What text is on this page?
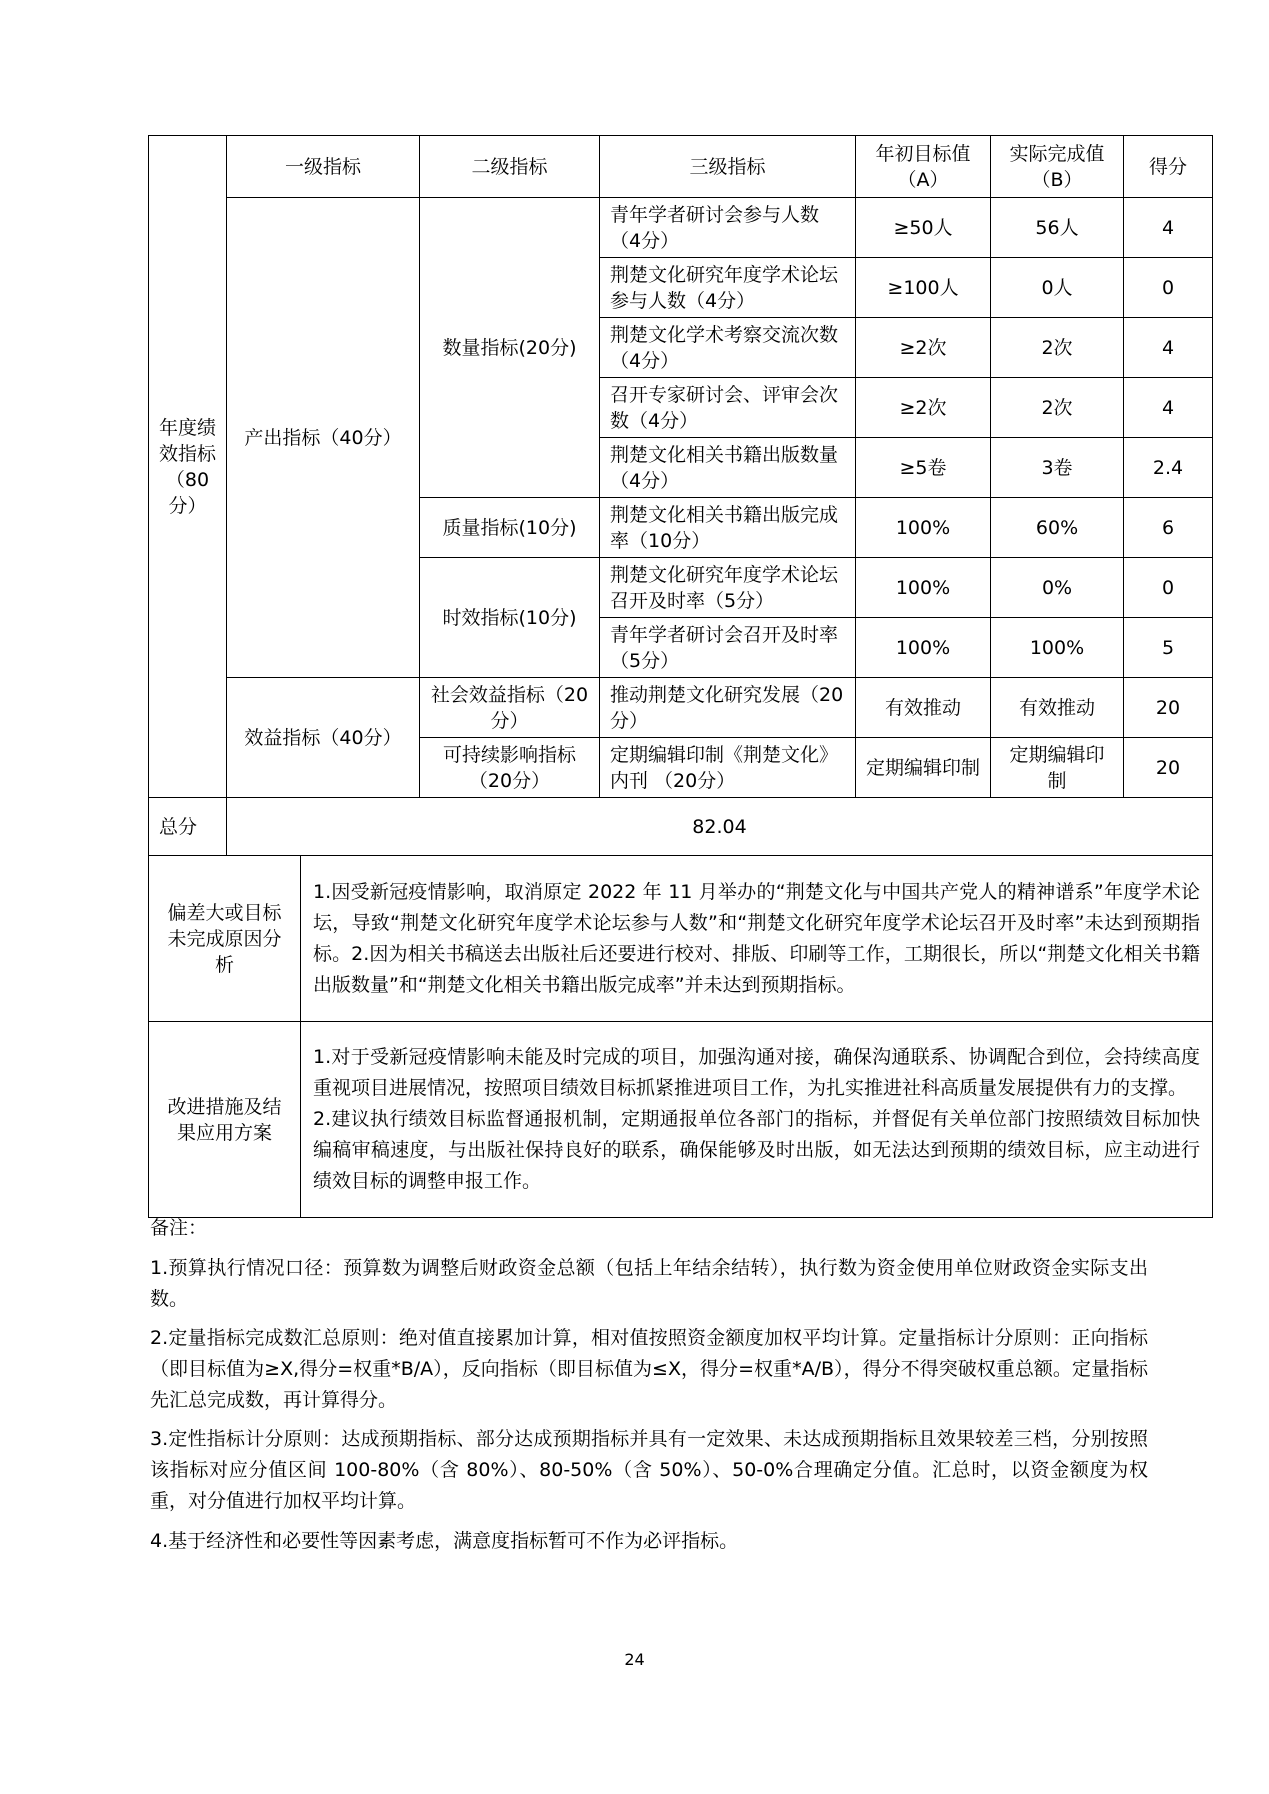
年度绩效指标（80分）	一级指标		二级指标	三级指标	年初目标值（A）	实际完成值（B）	得分
	产出指标（40分）		数量指标(20分)	青年学者研讨会参与人数（4分）	≥50人	56人	4
				荆楚文化研究年度学术论坛参与人数（4分）	≥100人	0人	0
				荆楚文化学术考察交流次数（4分）	≥2次	2次	4
				召开专家研讨会、评审会次数（4分）	≥2次	2次	4
				荆楚文化相关书籍出版数量（4分）	≥5卷	3卷	2.4
			质量指标(10分)	荆楚文化相关书籍出版完成率（10分）	100%	60%	6
			时效指标(10分)	荆楚文化研究年度学术论坛召开及时率（5分）	100%	0%	0
				青年学者研讨会召开及时率（5分）	100%	100%	5
	效益指标（40分）		社会效益指标（20分）	推动荆楚文化研究发展（20分）	有效推动	有效推动	20
			可持续影响指标（20分）	定期编辑印制《荆楚文化》内刊 （20分）	定期编辑印制	定期编辑印制	20

总分	82.04						
偏差大或目标未完成原因分析		1.因受新冠疫情影响，取消原定 2022 年 11 月举办的“荆楚文化与中国共产党人的精神谱系”年度学术论坛，导致“荆楚文化研究年度学术论坛参与人数”和“荆楚文化研究年度学术论坛召开及时率”未达到预期指标。2.因为相关书稿送去出版社后还要进行校对、排版、印刷等工作，工期很长，所以“荆楚文化相关书籍出版数量”和“荆楚文化相关书籍出版完成率”并未达到预期指标。					
改进措施及结果应用方案		1.对于受新冠疫情影响未能及时完成的项目，加强沟通对接，确保沟通联系、协调配合到位，会持续高度重视项目进展情况，按照项目绩效目标抓紧推进项目工作，为扎实推进社科高质量发展提供有力的支撑。
2.建议执行绩效目标监督通报机制，定期通报单位各部门的指标，并督促有关单位部门按照绩效目标加快编稿审稿速度，与出版社保持良好的联系，确保能够及时出版，如无法达到预期的绩效目标，应主动进行绩效目标的调整申报工作。					
备注：
1.预算执行情况口径：预算数为调整后财政资金总额（包括上年结余结转），执行数为资金使用单位财政资金实际支出数。
2.定量指标完成数汇总原则：绝对值直接累加计算，相对值按照资金额度加权平均计算。定量指标计分原则：正向指标（即目标值为≥X,得分=权重*B/A），反向指标（即目标值为≤X，得分=权重*A/B），得分不得突破权重总额。定量指标先汇总完成数，再计算得分。
3.定性指标计分原则：达成预期指标、部分达成预期指标并具有一定效果、未达成预期指标且效果较差三档，分别按照该指标对应分值区间 100-80%（含 80%）、80-50%（含 50%）、50-0%合理确定分值。汇总时，以资金额度为权重，对分值进行加权平均计算。
4.基于经济性和必要性等因素考虑，满意度指标暂可不作为必评指标。
24
